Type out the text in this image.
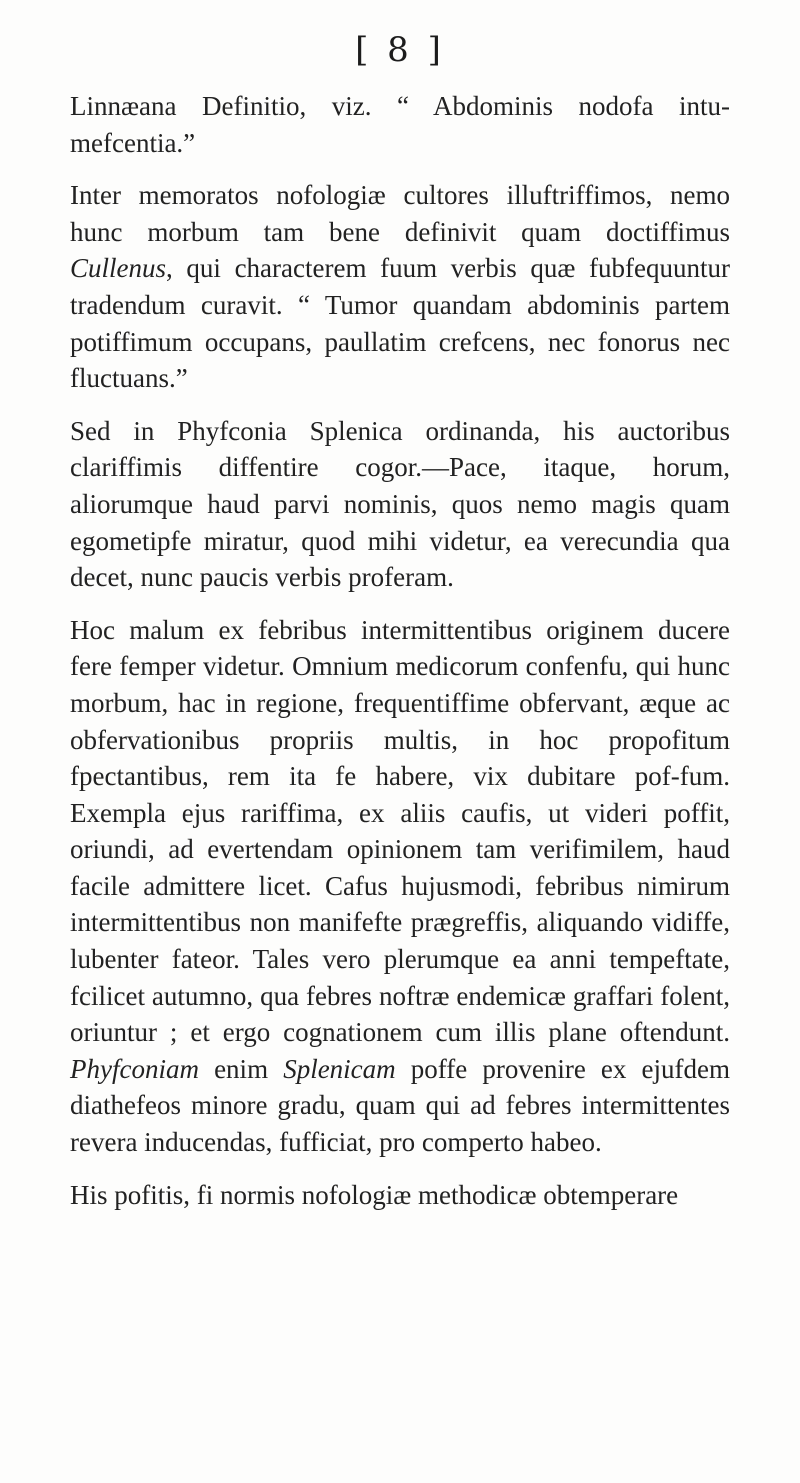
[ 8 ]

Linnæana Definitio, viz. “ Abdominis nodofa intu-mefcentia.”

Inter memoratos nofologiæ cultores illuftriffimos, nemo hunc morbum tam bene definivit quam doctiffimus Cullenus, qui characterem fuum verbis quæ fubfequuntur tradendum curavit. “ Tumor quandam abdominis partem potiffimum occupans, paullatim crefcens, nec fonorus nec fluctuans.”

Sed in Phyfconia Splenica ordinanda, his auctoribus clariffimis diffentire cogor.—Pace, itaque, horum, aliorumque haud parvi nominis, quos nemo magis quam egometipfe miratur, quod mihi videtur, ea verecundia qua decet, nunc paucis verbis proferam.

Hoc malum ex febribus intermittentibus originem ducere fere femper videtur. Omnium medicorum confenfu, qui hunc morbum, hac in regione, frequentiffime obfervant, æque ac obfervationibus propriis multis, in hoc propofitum fpectantibus, rem ita fe habere, vix dubitare pof-fum. Exempla ejus rariffima, ex aliis caufis, ut videri poffit, oriundi, ad evertendam opinionem tam verifimilem, haud facile admittere licet. Cafus hujusmodi, febribus nimirum intermittentibus non manifefte prægreffis, aliquando vidiffe, lubenter fateor. Tales vero plerumque ea anni tempeftate, fcilicet autumno, qua febres noftræ endemicæ graffari folent, oriuntur ; et ergo cognationem cum illis plane oftendunt. Phyfconiam enim Splenicam poffe provenire ex ejufdem diathefeos minore gradu, quam qui ad febres intermittentes revera inducendas, fufficiat, pro comperto habeo.

His pofitis, fi normis nofologiæ methodicæ obtemperare
